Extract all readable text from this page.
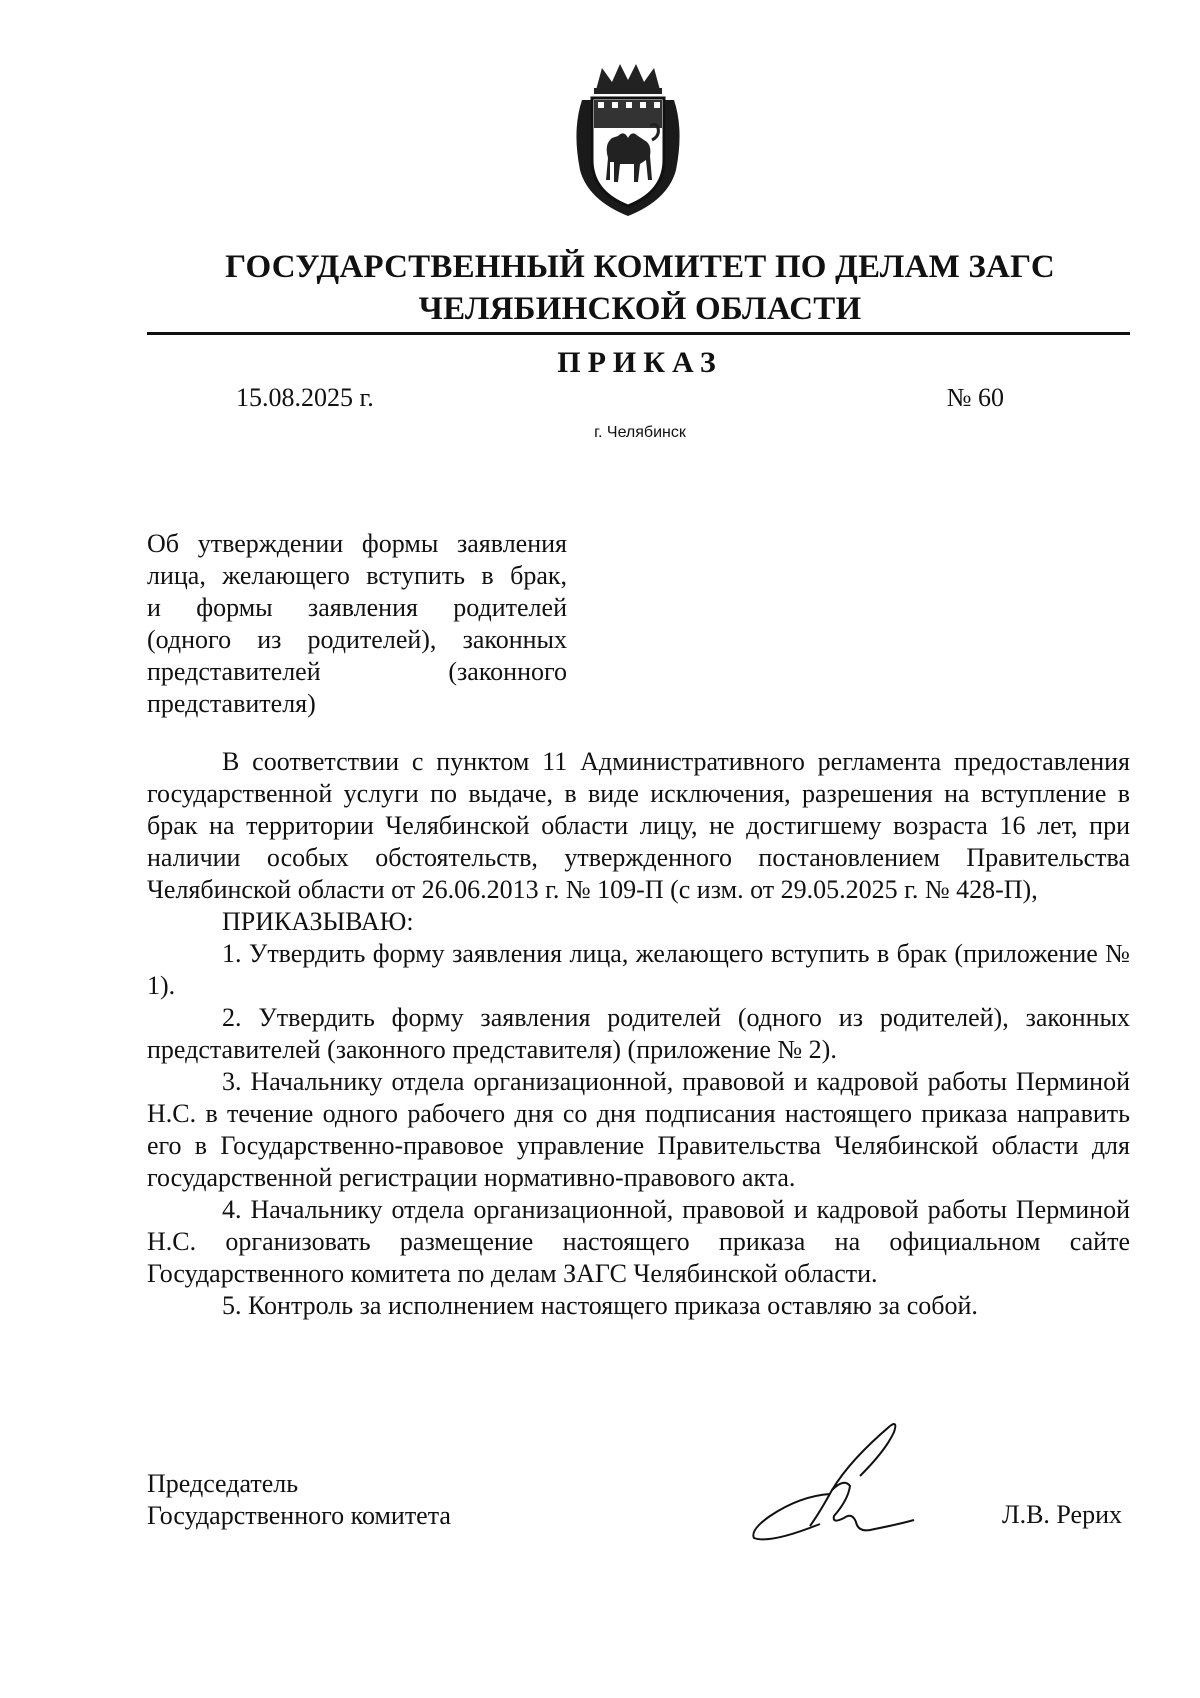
ГОСУДАРСТВЕННЫЙ КОМИТЕТ ПО ДЕЛАМ ЗАГС
ЧЕЛЯБИНСКОЙ ОБЛАСТИ
ПРИКАЗ
15.08.2025 г.	№ 60
г. Челябинск
Об утверждении формы заявления
лица, желающего вступить в брак,
и формы заявления родителей
(одного из родителей), законных
представителей (законного
представителя)

В соответствии с пунктом 11 Административного регламента предоставления государственной услуги по выдаче, в виде исключения, разрешения на вступление в брак на территории Челябинской области лицу, не достигшему возраста 16 лет, при наличии особых обстоятельств, утвержденного постановлением Правительства Челябинской области от 26.06.2013 г. № 109-П (с изм. от 29.05.2025 г. № 428-П),

ПРИКАЗЫВАЮ:

1. Утвердить форму заявления лица, желающего вступить в брак (приложение № 1).

2. Утвердить форму заявления родителей (одного из родителей), законных представителей (законного представителя) (приложение № 2).

3. Начальнику отдела организационной, правовой и кадровой работы Перминой Н.С. в течение одного рабочего дня со дня подписания настоящего приказа направить его в Государственно-правовое управление Правительства Челябинской области для государственной регистрации нормативно-правового акта.

4. Начальнику отдела организационной, правовой и кадровой работы Перминой Н.С. организовать размещение настоящего приказа на официальном сайте Государственного комитета по делам ЗАГС Челябинской области.

5. Контроль за исполнением настоящего приказа оставляю за собой.

Председатель
Государственного комитета	Л.В. Рерих
